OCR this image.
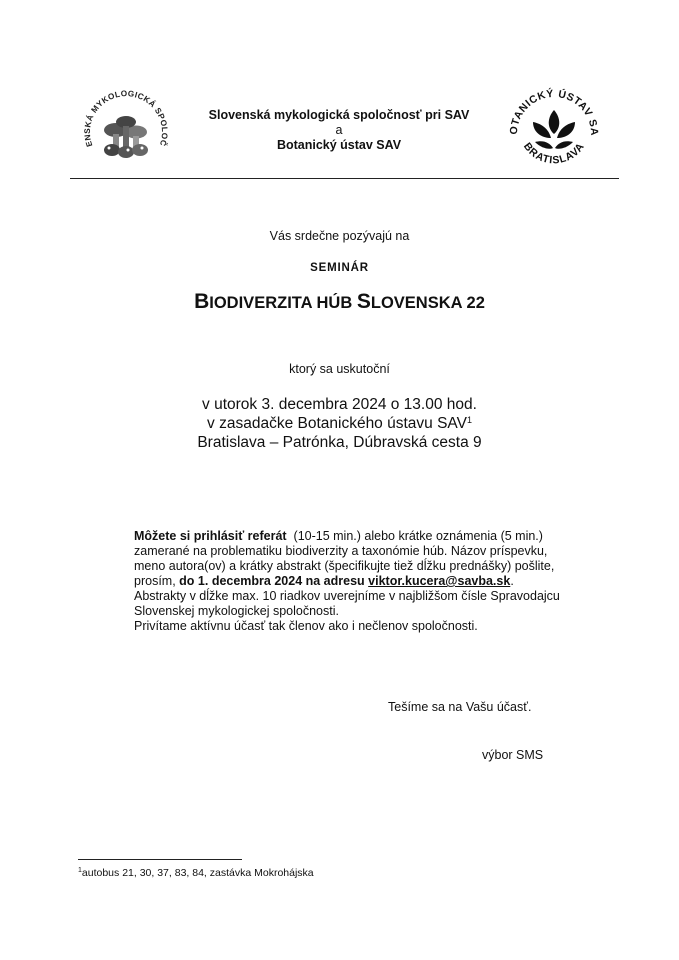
ENSKÁ MYKOLOGICKÁ SPOLOČ
Slovenská mykologická spoločnosť pri SAV
a
Botanický ústav SAV
OTANICKÝ ÚSTAV SA
BRATISLAVA
Vás srdečne pozývajú na
SEMINÁR
BIODIVERZITA HÚB SLOVENSKA 22
ktorý sa uskutoční
v utorok 3. decembra 2024 o 13.00 hod.
v zasadačke Botanického ústavu SAV$^1$
Bratislava – Patrónka, Dúbravská cesta 9
Môžete si prihlásiť referát (10-15 min.) alebo krátke oznámenia (5 min.) zamerané na problematiku biodiverzity a taxonómie húb. Názov príspevku, meno autora(ov) a krátky abstrakt (špecifikujte tiež dĺžku prednášky) pošlite, prosím, do 1. decembra 2024 na adresu viktor.kucera@savba.sk. Abstrakty v dĺžke max. 10 riadkov uverejníme v najbližšom čísle Spravodajcu Slovenskej mykologickej spoločnosti.
Privítame aktívnu účasť tak členov ako i nečlenov spoločnosti.
Tešíme sa na Vašu účasť.
výbor SMS
$^1$autobus 21, 30, 37, 83, 84, zastávka Mokrohájska
